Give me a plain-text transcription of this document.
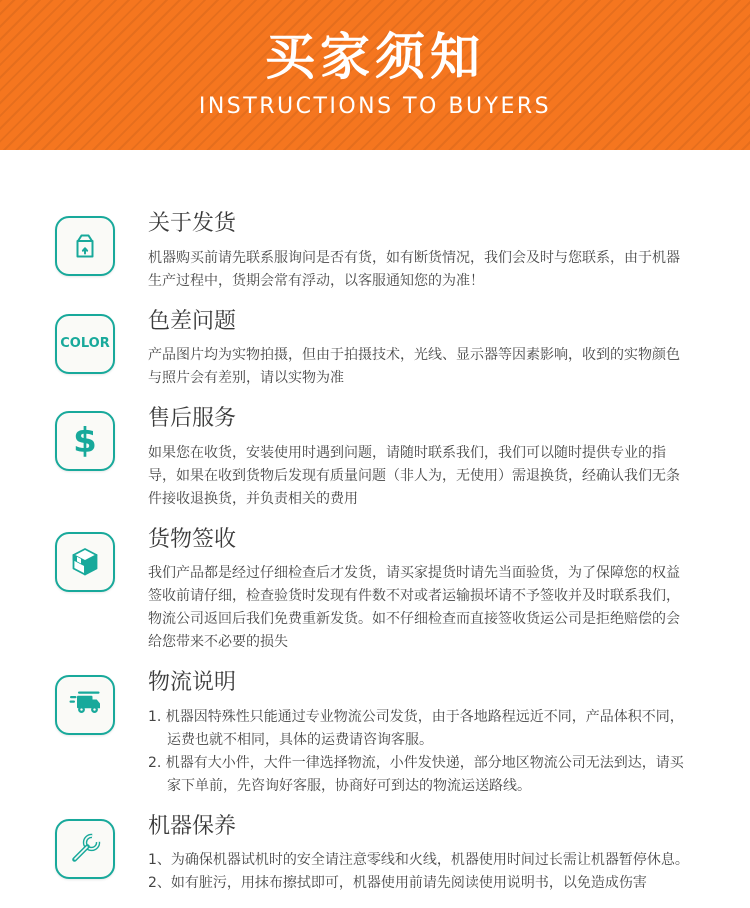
买家须知
INSTRUCTIONS TO BUYERS
关于发货

机器购买前请先联系服询问是否有货，如有断货情况，我们会及时与您联系，由于机器生产过程中，货期会常有浮动，以客服通知您的为准！

COLOR
色差问题

产品图片均为实物拍摄，但由于拍摄技术，光线、显示器等因素影响，收到的实物颜色与照片会有差别，请以实物为准

$
售后服务

如果您在收货，安装使用时遇到问题，请随时联系我们，我们可以随时提供专业的指导，如果在收到货物后发现有质量问题（非人为，无使用）需退换货，经确认我们无条件接收退换货，并负责相关的费用

货物签收

我们产品都是经过仔细检查后才发货，请买家提货时请先当面验货，为了保障您的权益签收前请仔细，检查验货时发现有件数不对或者运输损坏请不予签收并及时联系我们，物流公司返回后我们免费重新发货。如不仔细检查而直接签收货运公司是拒绝赔偿的会给您带来不必要的损失

物流说明

1. 机器因特殊性只能通过专业物流公司发货，由于各地路程远近不同，产品体积不同，运费也就不相同，具体的运费请咨询客服。

2. 机器有大小件，大件一律选择物流，小件发快递，部分地区物流公司无法到达，请买家下单前，先咨询好客服，协商好可到达的物流运送路线。

机器保养

1、为确保机器试机时的安全请注意零线和火线，机器使用时间过长需让机器暂停休息。

2、如有脏污，用抹布擦拭即可，机器使用前请先阅读使用说明书，以免造成伤害
